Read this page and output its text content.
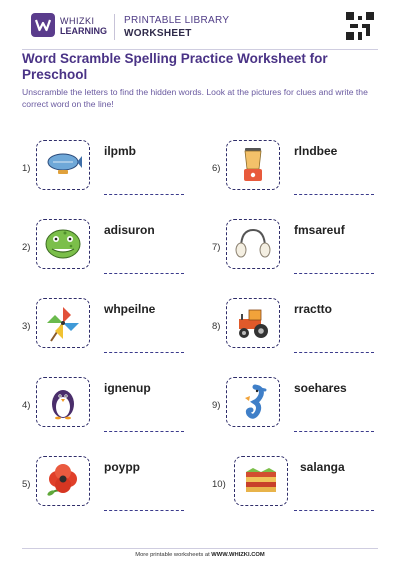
WHIZKI
LEARNING
PRINTABLE LIBRARY
WORKSHEET
Word Scramble Spelling Practice Worksheet for Preschool
Unscramble the letters to find the hidden words. Look at the pictures for clues and write the correct word on the line!
1)
ilpmb
2)
adisuron
3)
whpeilne
4)
ignenup
5)
poypp
6)
rlndbee
7)
fmsareuf
8)
rractto
9)
soehares
10)
salanga
More printable worksheets at WWW.WHIZKI.COM
